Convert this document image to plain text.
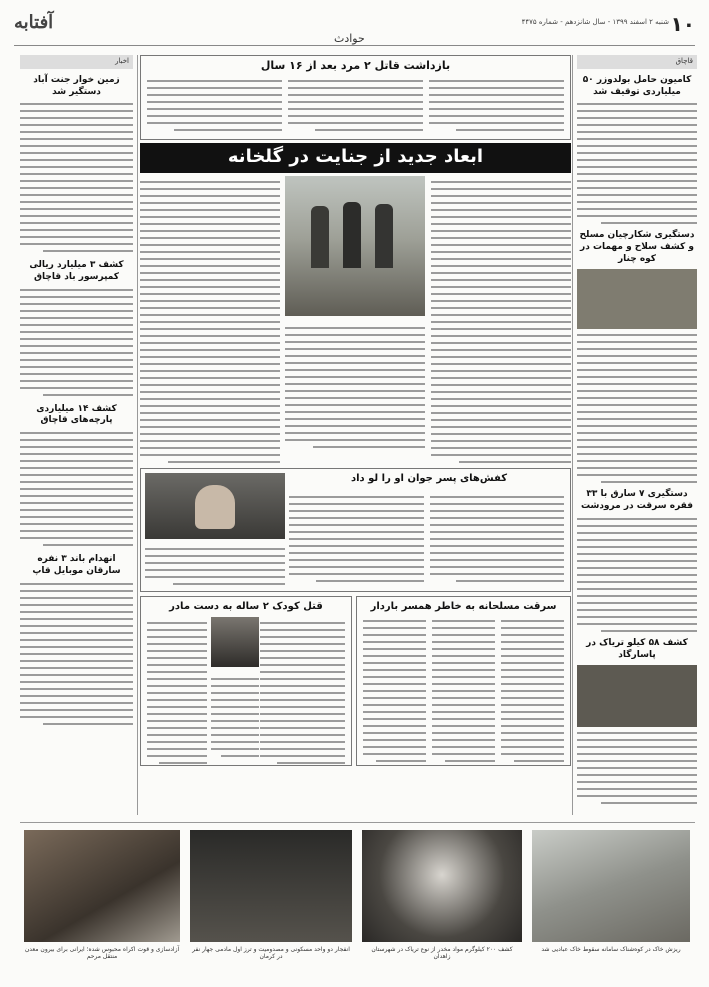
آفتابه
حوادث
۱۰
شنبه ۲ اسفند ۱۳۹۹ - سال شانزدهم - شماره ۴۴۷۵
قاچاق
کامیون حامل بولدوزر ۵۰ میلیاردی توقیف شد
دستگیری شکارچیان مسلح و کشف سلاح و مهمات در کوه چنار
دستگیری ۷ سارق با ۳۳ فقره سرقت در مرودشت
کشف ۵۸ کیلو تریاک در پاسارگاد
اخبار
زمین خوار جنت آباد دستگیر شد
کشف ۳ میلیارد ریالی کمپرسور باد قاچاق
کشف ۱۴ میلیاردی پارچه‌های قاچاق
انهدام باند ۳ نفره سارقان موبایل قاپ
بازداشت قاتل ۲ مرد بعد از ۱۶ سال
ابعاد جدید از جنایت در گلخانه
کفش‌های پسر جوان او را لو داد
قتل کودک ۲ ساله به دست مادر	سرقت مسلحانه به خاطر همسر باردار
ریزش خاک در کوه‌شناک سامانه سقوط خاک عبادیی شد
کشف ۲۰۰ کیلوگرم مواد مخدر از نوع تریاک در شهرستان زاهدان
انفجار دو واحد مسکونی و مصدومیت و ترز اول مادمی جهار نفر در کرمان
آزادسازی و قوت اکراه محبوس شده؛ ایرانی برای بیرون معدن منتقل مرحم
